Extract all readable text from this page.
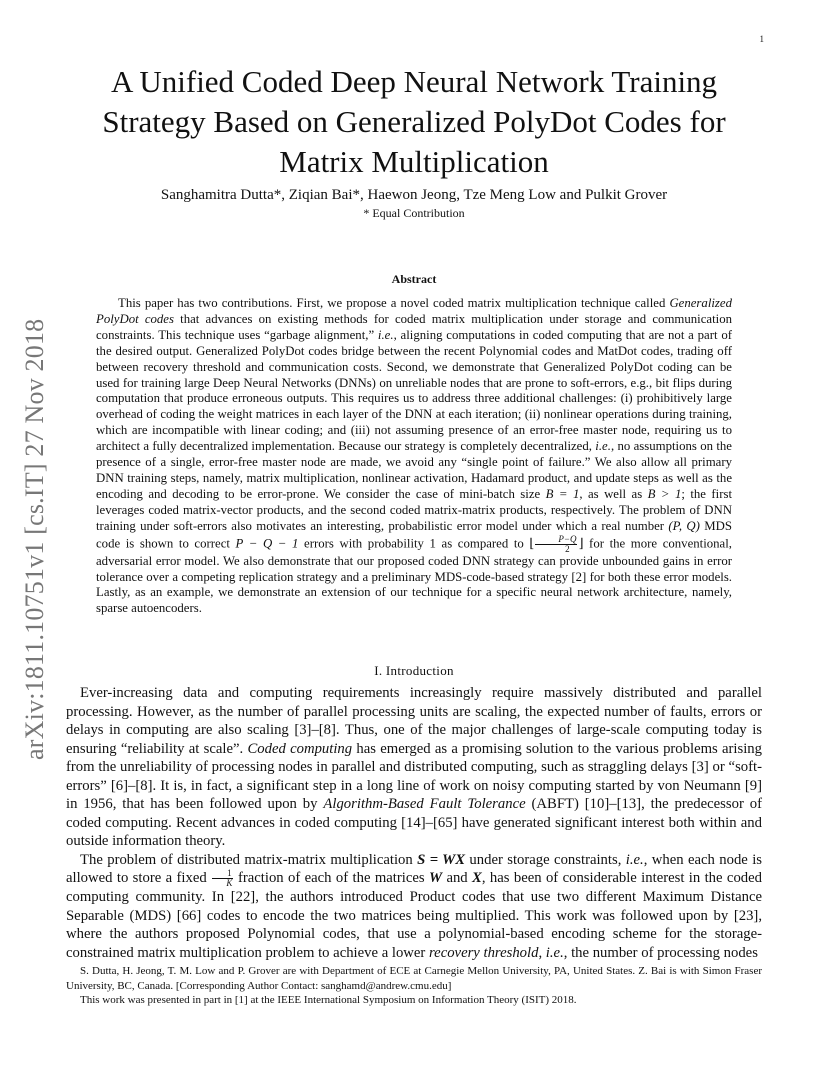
1
arXiv:1811.10751v1 [cs.IT] 27 Nov 2018
A Unified Coded Deep Neural Network Training
Strategy Based on Generalized PolyDot Codes for
Matrix Multiplication
Sanghamitra Dutta*, Ziqian Bai*, Haewon Jeong, Tze Meng Low and Pulkit Grover
* Equal Contribution
Abstract

This paper has two contributions. First, we propose a novel coded matrix multiplication technique called Generalized PolyDot codes that advances on existing methods for coded matrix multiplication under storage and communication constraints. This technique uses “garbage alignment,” i.e., aligning computations in coded computing that are not a part of the desired output. Generalized PolyDot codes bridge between the recent Polynomial codes and MatDot codes, trading off between recovery threshold and communication costs. Second, we demonstrate that Generalized PolyDot coding can be used for training large Deep Neural Networks (DNNs) on unreliable nodes that are prone to soft-errors, e.g., bit flips during computation that produce erroneous outputs. This requires us to address three additional challenges: (i) prohibitively large overhead of coding the weight matrices in each layer of the DNN at each iteration; (ii) nonlinear operations during training, which are incompatible with linear coding; and (iii) not assuming presence of an error-free master node, requiring us to architect a fully decentralized implementation. Because our strategy is completely decentralized, i.e., no assumptions on the presence of a single, error-free master node are made, we avoid any “single point of failure.” We also allow all primary DNN training steps, namely, matrix multiplication, nonlinear activation, Hadamard product, and update steps as well as the encoding and decoding to be error-prone. We consider the case of mini-batch size B = 1, as well as B > 1; the first leverages coded matrix-vector products, and the second coded matrix-matrix products, respectively. The problem of DNN training under soft-errors also motivates an interesting, probabilistic error model under which a real number (P, Q) MDS code is shown to correct P − Q − 1 errors with probability 1 as compared to ⌊ $\frac{P-Q}{2}$ ⌋ for the more conventional, adversarial error model. We also demonstrate that our proposed coded DNN strategy can provide unbounded gains in error tolerance over a competing replication strategy and a preliminary MDS-code-based strategy [2] for both these error models. Lastly, as an example, we demonstrate an extension of our technique for a specific neural network architecture, namely, sparse autoencoders.

I. Introduction

Ever-increasing data and computing requirements increasingly require massively distributed and parallel processing. However, as the number of parallel processing units are scaling, the expected number of faults, errors or delays in computing are also scaling [3]–[8]. Thus, one of the major challenges of large-scale computing today is ensuring “reliability at scale”. Coded computing has emerged as a promising solution to the various problems arising from the unreliability of processing nodes in parallel and distributed computing, such as straggling delays [3] or “soft-errors” [6]–[8]. It is, in fact, a significant step in a long line of work on noisy computing started by von Neumann [9] in 1956, that has been followed upon by Algorithm-Based Fault Tolerance (ABFT) [10]–[13], the predecessor of coded computing. Recent advances in coded computing [14]–[65] have generated significant interest both within and outside information theory.

The problem of distributed matrix-matrix multiplication S = WX under storage constraints, i.e., when each node is allowed to store a fixed $\frac{1}{K}$ fraction of each of the matrices W and X, has been of considerable interest in the coded computing community. In [22], the authors introduced Product codes that use two different Maximum Distance Separable (MDS) [66] codes to encode the two matrices being multiplied. This work was followed upon by [23], where the authors proposed Polynomial codes, that use a polynomial-based encoding scheme for the storage-constrained matrix multiplication problem to achieve a lower recovery threshold, i.e., the number of processing nodes

S. Dutta, H. Jeong, T. M. Low and P. Grover are with Department of ECE at Carnegie Mellon University, PA, United States. Z. Bai is with Simon Fraser University, BC, Canada. [Corresponding Author Contact: sanghamd@andrew.cmu.edu]

This work was presented in part in [1] at the IEEE International Symposium on Information Theory (ISIT) 2018.
